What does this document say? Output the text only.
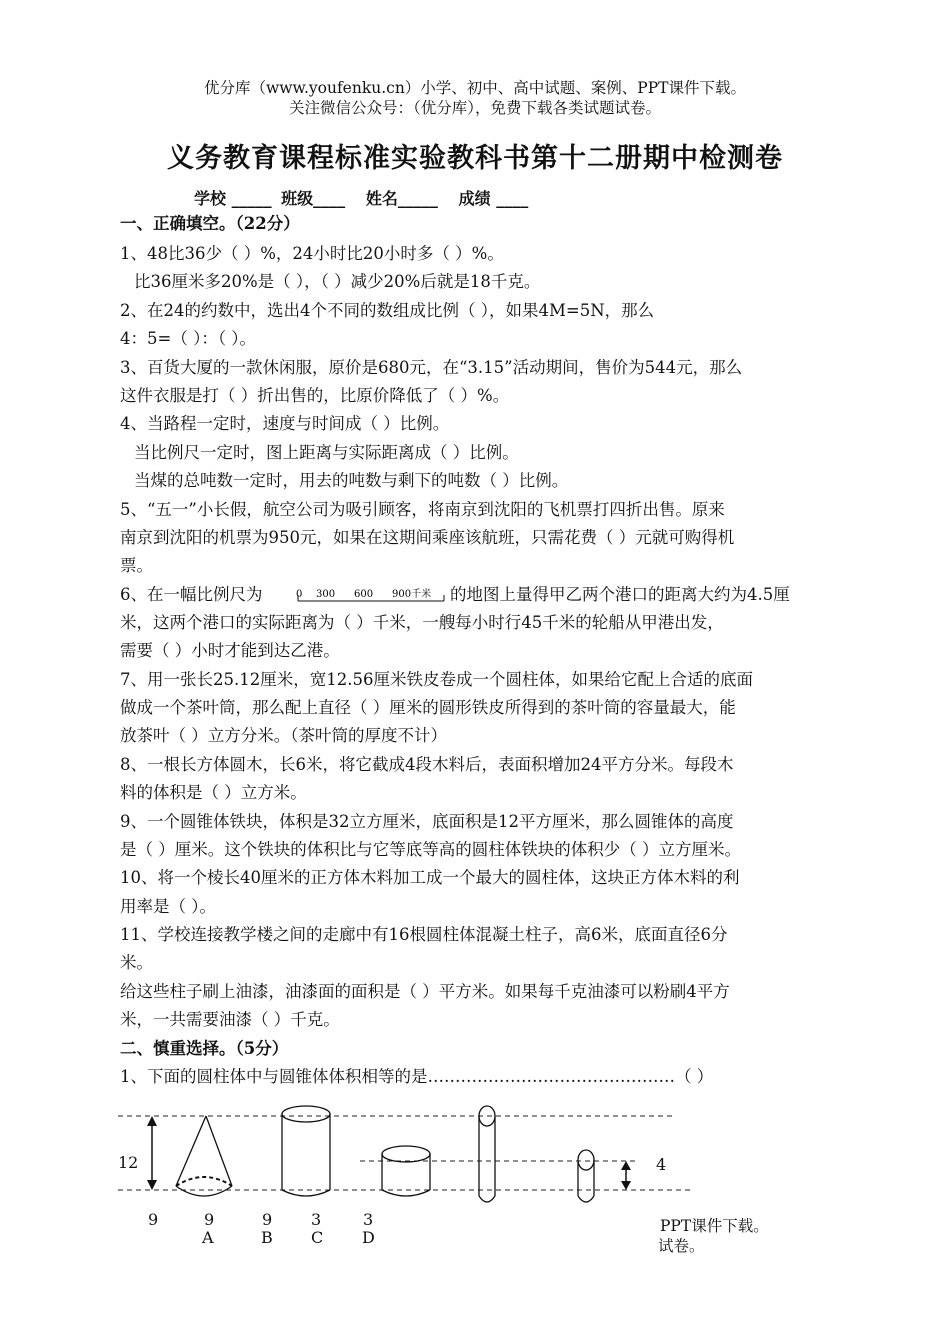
优分库（www.youfenku.cn）小学、初中、高中试题、案例、PPT课件下载。
关注微信公众号：（优分库），免费下载各类试题试卷。
义务教育课程标准实验教科书第十二册期中检测卷
学校 _____ 班级____ 姓名_____ 成绩 ____
一、正确填空。（22分）
1、48比36少（ ）%，24小时比20小时多（ ）%。
比36厘米多20%是（ ），（ ）减少20%后就是18千克。
2、在24的约数中，选出4个不同的数组成比例（ ），如果4M=5N，那么
4：5=（ ）：（ ）。
3、百货大厦的一款休闲服，原价是680元，在“3.15”活动期间，售价为544元，那么
这件衣服是打（ ）折出售的，比原价降低了（ ）%。
4、当路程一定时，速度与时间成（ ）比例。
当比例尺一定时，图上距离与实际距离成（ ）比例。
当煤的总吨数一定时，用去的吨数与剩下的吨数（ ）比例。
5、“五一”小长假，航空公司为吸引顾客，将南京到沈阳的飞机票打四折出售。原来
南京到沈阳的机票为950元，如果在这期间乘座该航班，只需花费（ ）元就可购得机
票。
6、在一幅比例尺为	0 300 600 900千米 的地图上量得甲乙两个港口的距离大约为4.5厘
米，这两个港口的实际距离为（ ）千米，一艘每小时行45千米的轮船从甲港出发，
需要（ ）小时才能到达乙港。
7、用一张长25.12厘米，宽12.56厘米铁皮卷成一个圆柱体，如果给它配上合适的底面
做成一个茶叶筒，那么配上直径（ ）厘米的圆形铁皮所得到的茶叶筒的容量最大，能
放茶叶（ ）立方分米。（茶叶筒的厚度不计）
8、一根长方体圆木，长6米，将它截成4段木料后，表面积增加24平方分米。每段木
料的体积是（ ）立方米。
9、一个圆锥体铁块，体积是32立方厘米，底面积是12平方厘米，那么圆锥体的高度
是（ ）厘米。这个铁块的体积比与它等底等高的圆柱体铁块的体积少（ ）立方厘米。
10、将一个棱长40厘米的正方体木料加工成一个最大的圆柱体，这块正方体木料的利
用率是（ ）。
11、学校连接教学楼之间的走廊中有16根圆柱体混凝土柱子，高6米，底面直径6分
米。
给这些柱子刷上油漆，油漆面的面积是（ ）平方米。如果每千克油漆可以粉刷4平方
米，一共需要油漆（ ）千克。
二、慎重选择。（5分）
1、下面的圆柱体中与圆锥体体积相等的是………………………………………（ ）
12	4
9	9	9 3	3
A	B C D
PPT课件下载。
试卷。
